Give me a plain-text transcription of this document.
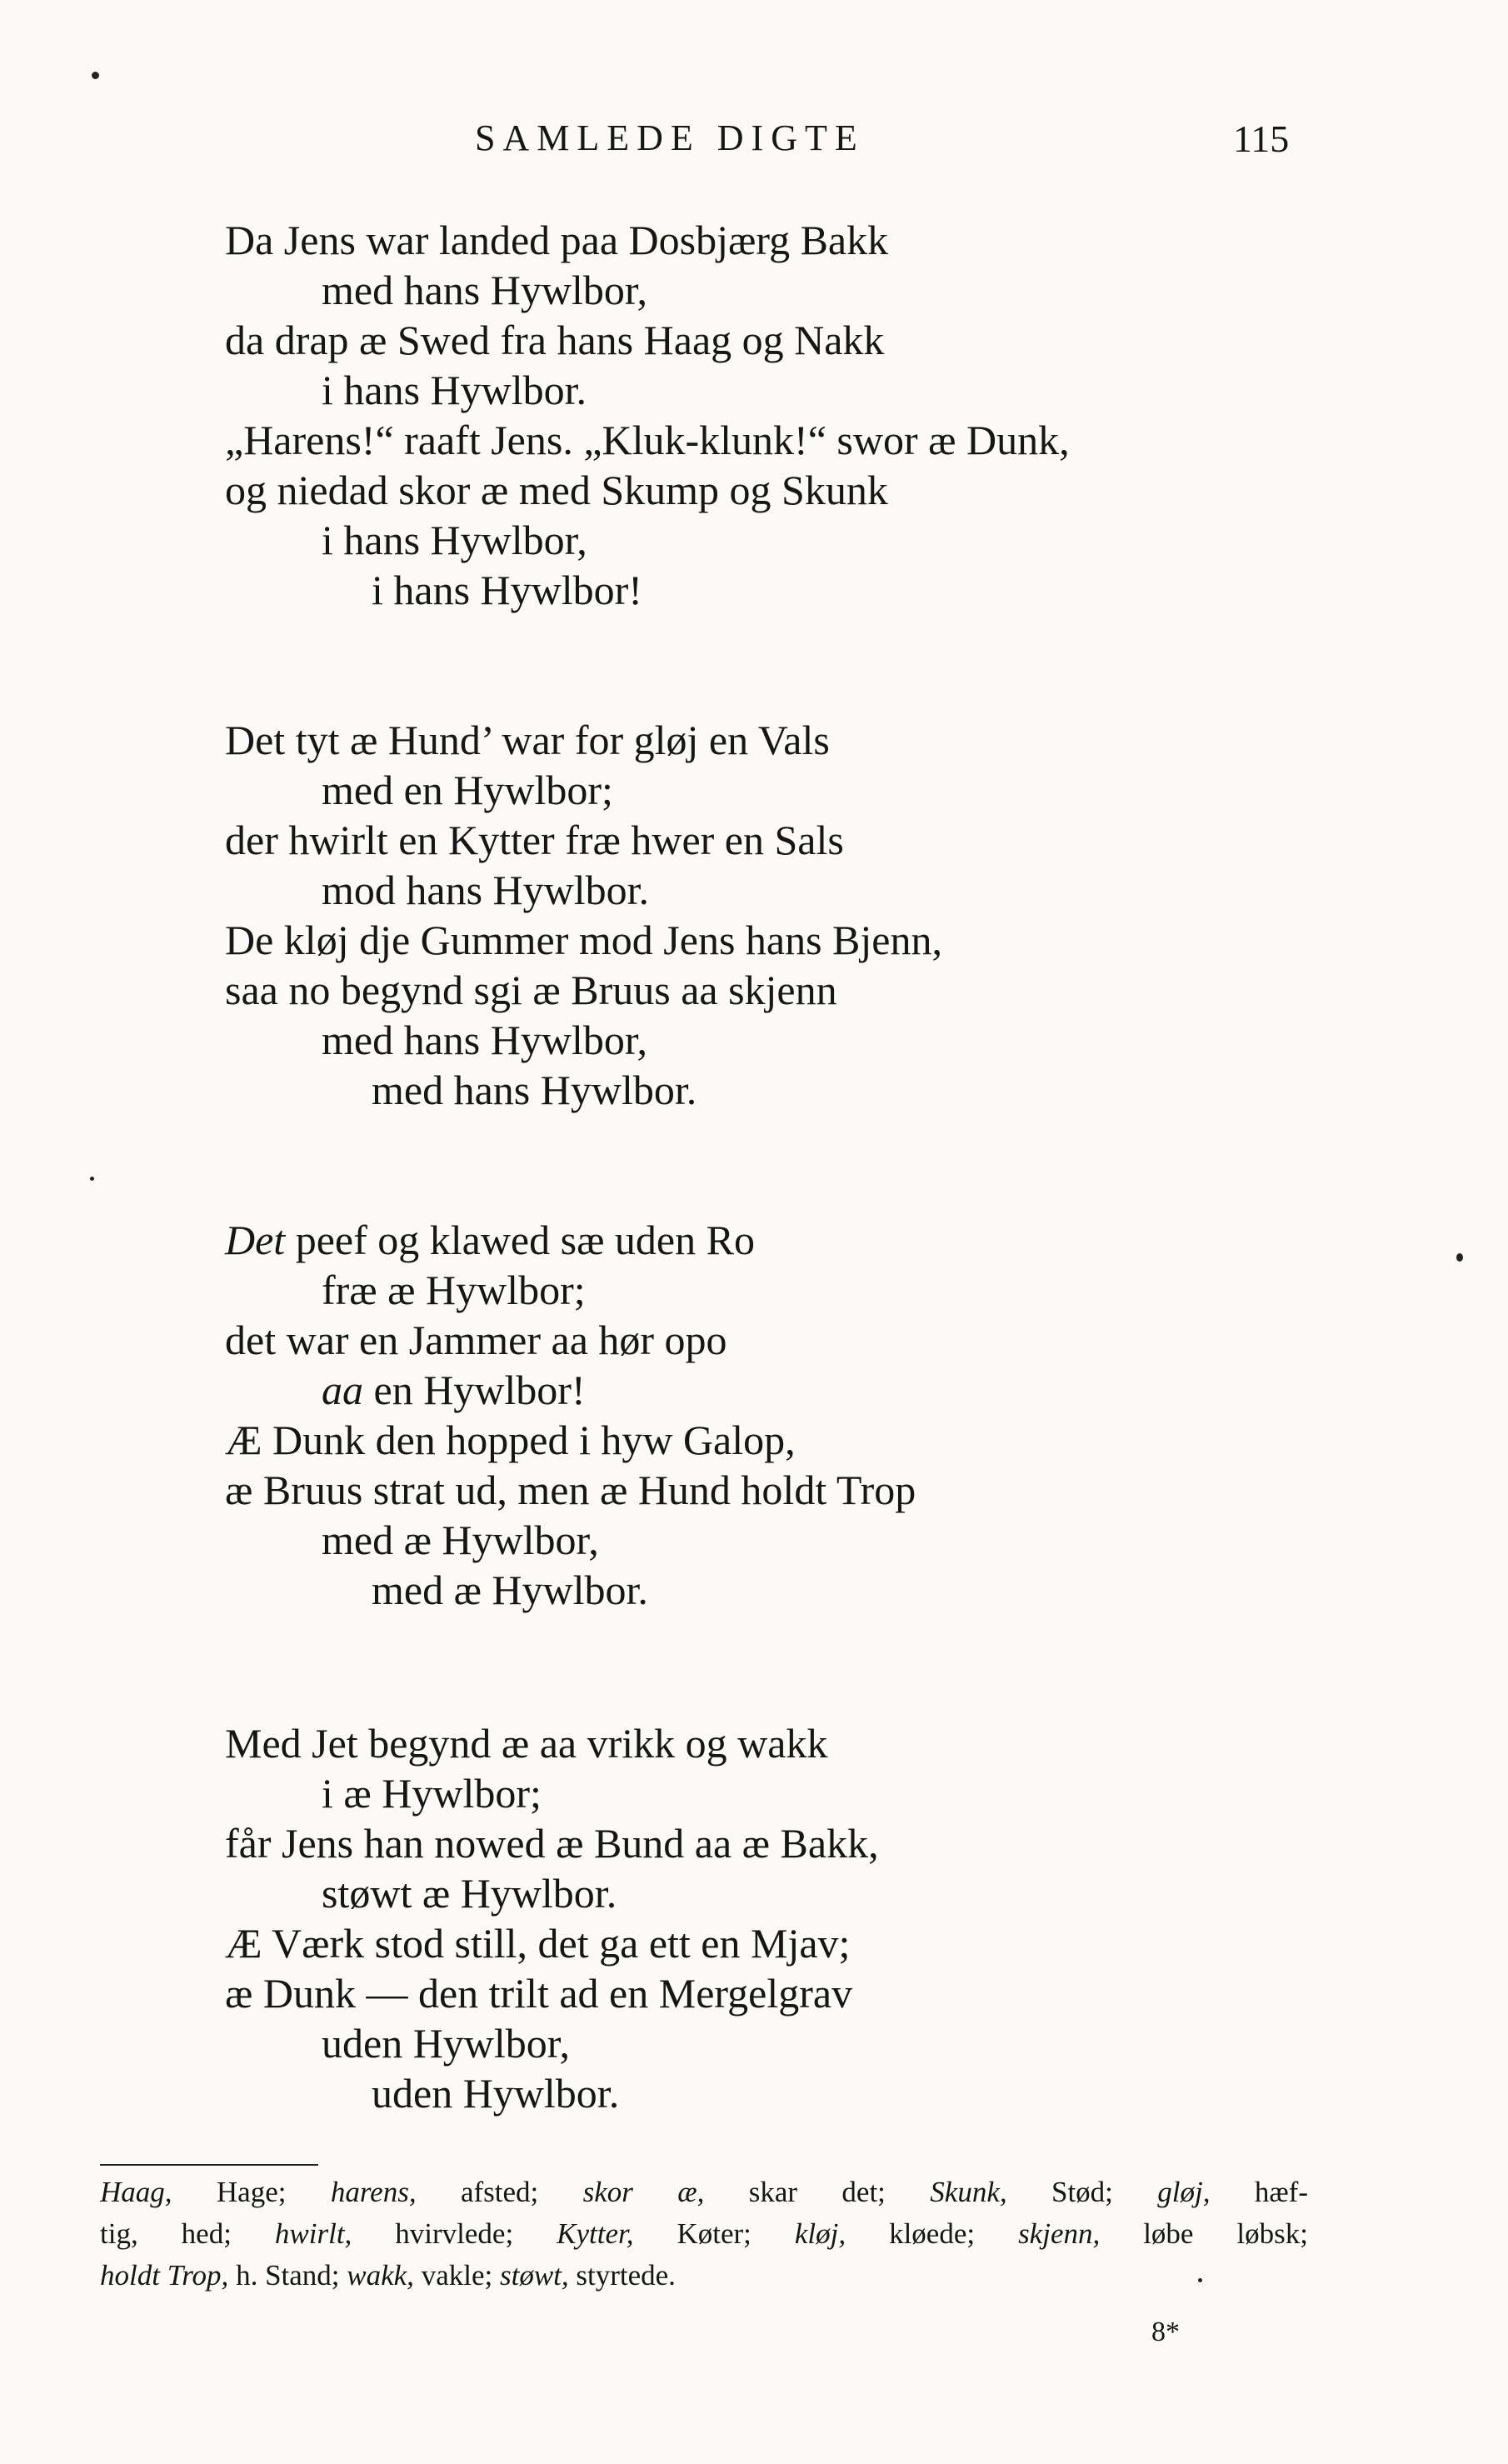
SAMLEDE DIGTE	115
Da Jens war landed paa Dosbjærg Bakk
med hans Hywlbor,
da drap æ Swed fra hans Haag og Nakk
i hans Hywlbor.
„Harens!“ raaft Jens. „Kluk-klunk!“ swor æ Dunk,
og niedad skor æ med Skump og Skunk
i hans Hywlbor,
i hans Hywlbor!
Det tyt æ Hund’ war for gløj en Vals
med en Hywlbor;
der hwirlt en Kytter fræ hwer en Sals
mod hans Hywlbor.
De kløj dje Gummer mod Jens hans Bjenn,
saa no begynd sgi æ Bruus aa skjenn
med hans Hywlbor,
med hans Hywlbor.
Det peef og klawed sæ uden Ro
fræ æ Hywlbor;
det war en Jammer aa hør opo
aa en Hywlbor!
Æ Dunk den hopped i hyw Galop,
æ Bruus strat ud, men æ Hund holdt Trop
med æ Hywlbor,
med æ Hywlbor.
Med Jet begynd æ aa vrikk og wakk
i æ Hywlbor;
får Jens han nowed æ Bund aa æ Bakk,
støwt æ Hywlbor.
Æ Værk stod still, det ga ett en Mjav;
æ Dunk — den trilt ad en Mergelgrav
uden Hywlbor,
uden Hywlbor.
Haag, Hage; harens, afsted; skor æ, skar det; Skunk, Stød; gløj, hæf-
tig, hed; hwirlt, hvirvlede; Kytter, Køter; kløj, kløede; skjenn, løbe løbsk;
holdt Trop, h. Stand; wakk, vakle; støwt, styrtede.
8*
